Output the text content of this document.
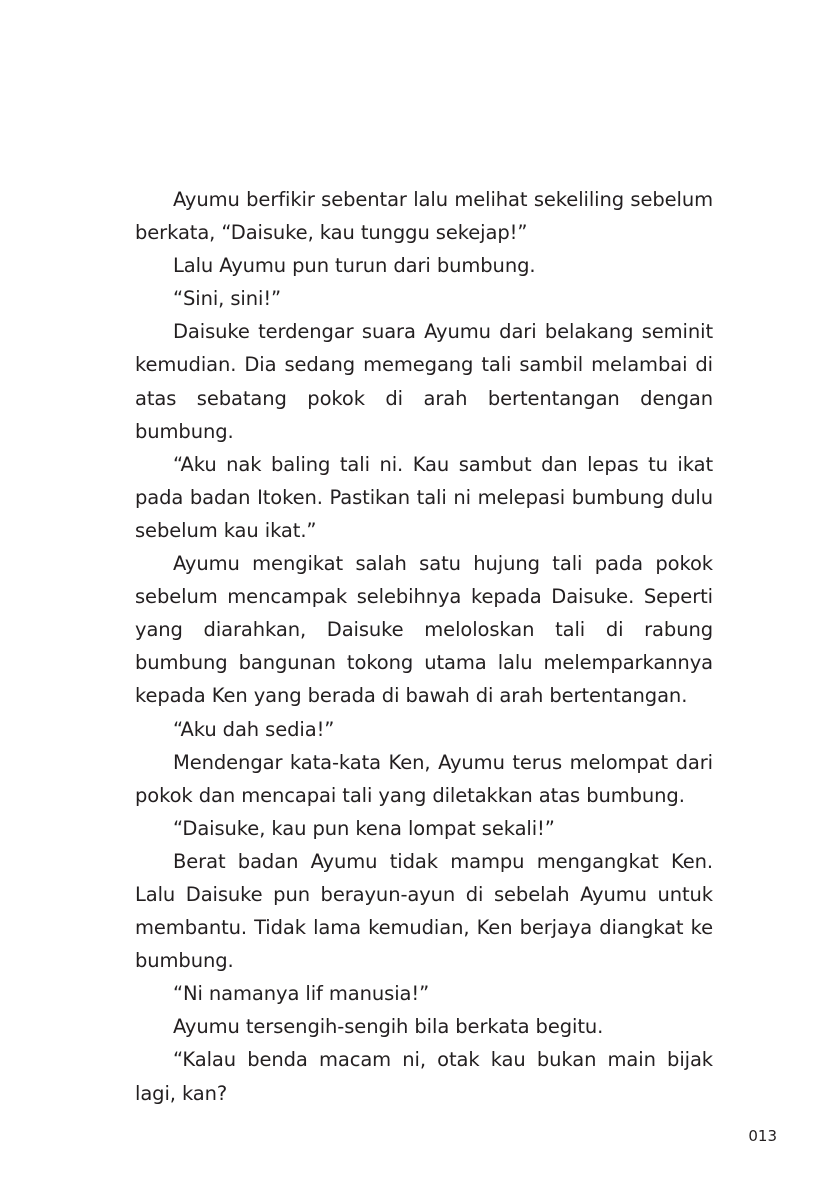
Ayumu berfikir sebentar lalu melihat sekeliling sebelum berkata, “Daisuke, kau tunggu sekejap!”

Lalu Ayumu pun turun dari bumbung.

“Sini, sini!”

Daisuke terdengar suara Ayumu dari belakang seminit kemudian. Dia sedang memegang tali sambil melambai di atas sebatang pokok di arah bertentangan dengan bumbung.

“Aku nak baling tali ni. Kau sambut dan lepas tu ikat pada badan Itoken. Pastikan tali ni melepasi bumbung dulu sebelum kau ikat.”

Ayumu mengikat salah satu hujung tali pada pokok sebelum mencampak selebihnya kepada Daisuke. Seperti yang diarahkan, Daisuke meloloskan tali di rabung bumbung bangunan tokong utama lalu melemparkannya kepada Ken yang berada di bawah di arah bertentangan.

“Aku dah sedia!”

Mendengar kata-kata Ken, Ayumu terus melompat dari pokok dan mencapai tali yang diletakkan atas bumbung.

“Daisuke, kau pun kena lompat sekali!”

Berat badan Ayumu tidak mampu mengangkat Ken. Lalu Daisuke pun berayun-ayun di sebelah Ayumu untuk membantu. Tidak lama kemudian, Ken berjaya diangkat ke bumbung.

“Ni namanya lif manusia!”

Ayumu tersengih-sengih bila berkata begitu.

“Kalau benda macam ni, otak kau bukan main bijak lagi, kan?

013
